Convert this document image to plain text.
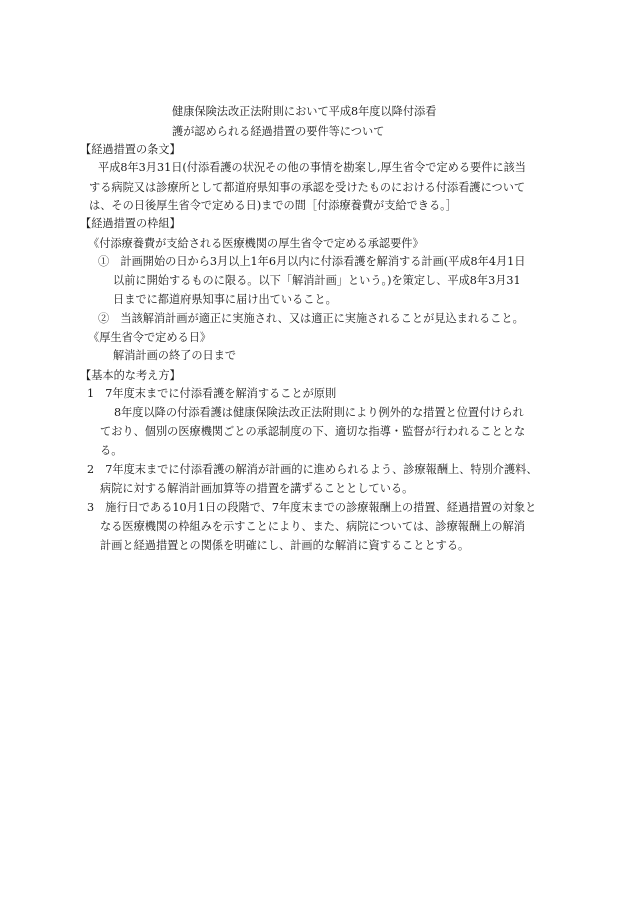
健康保険法改正法附則において平成8年度以降付添看
護が認められる経過措置の要件等について
【経過措置の条文】
平成8年3月31日(付添看護の状況その他の事情を勘案し,厚生省令で定める要件に該当
する病院又は診療所として都道府県知事の承認を受けたものにおける付添看護について
は、その日後厚生省令で定める日)までの間［付添療養費が支給できる。］
【経過措置の枠組】
《付添療養費が支給される医療機関の厚生省令で定める承認要件》
①　計画開始の日から3月以上1年6月以内に付添看護を解消する計画(平成8年4月1日
以前に開始するものに限る。以下「解消計画」という。)を策定し、平成8年3月31
日までに都道府県知事に届け出ていること。
②　当該解消計画が適正に実施され、又は適正に実施されることが見込まれること。
《厚生省令で定める日》
解消計画の終了の日まで
【基本的な考え方】
1　7年度末までに付添看護を解消することが原則
8年度以降の付添看護は健康保険法改正法附則により例外的な措置と位置付けられ
ており、個別の医療機関ごとの承認制度の下、適切な指導・監督が行われることとな
る。
2　7年度末までに付添看護の解消が計画的に進められるよう、診療報酬上、特別介護料、
病院に対する解消計画加算等の措置を講ずることとしている。
3　施行日である10月1日の段階で、7年度末までの診療報酬上の措置、経過措置の対象と
なる医療機関の枠組みを示すことにより、また、病院については、診療報酬上の解消
計画と経過措置との関係を明確にし、計画的な解消に資することとする。
